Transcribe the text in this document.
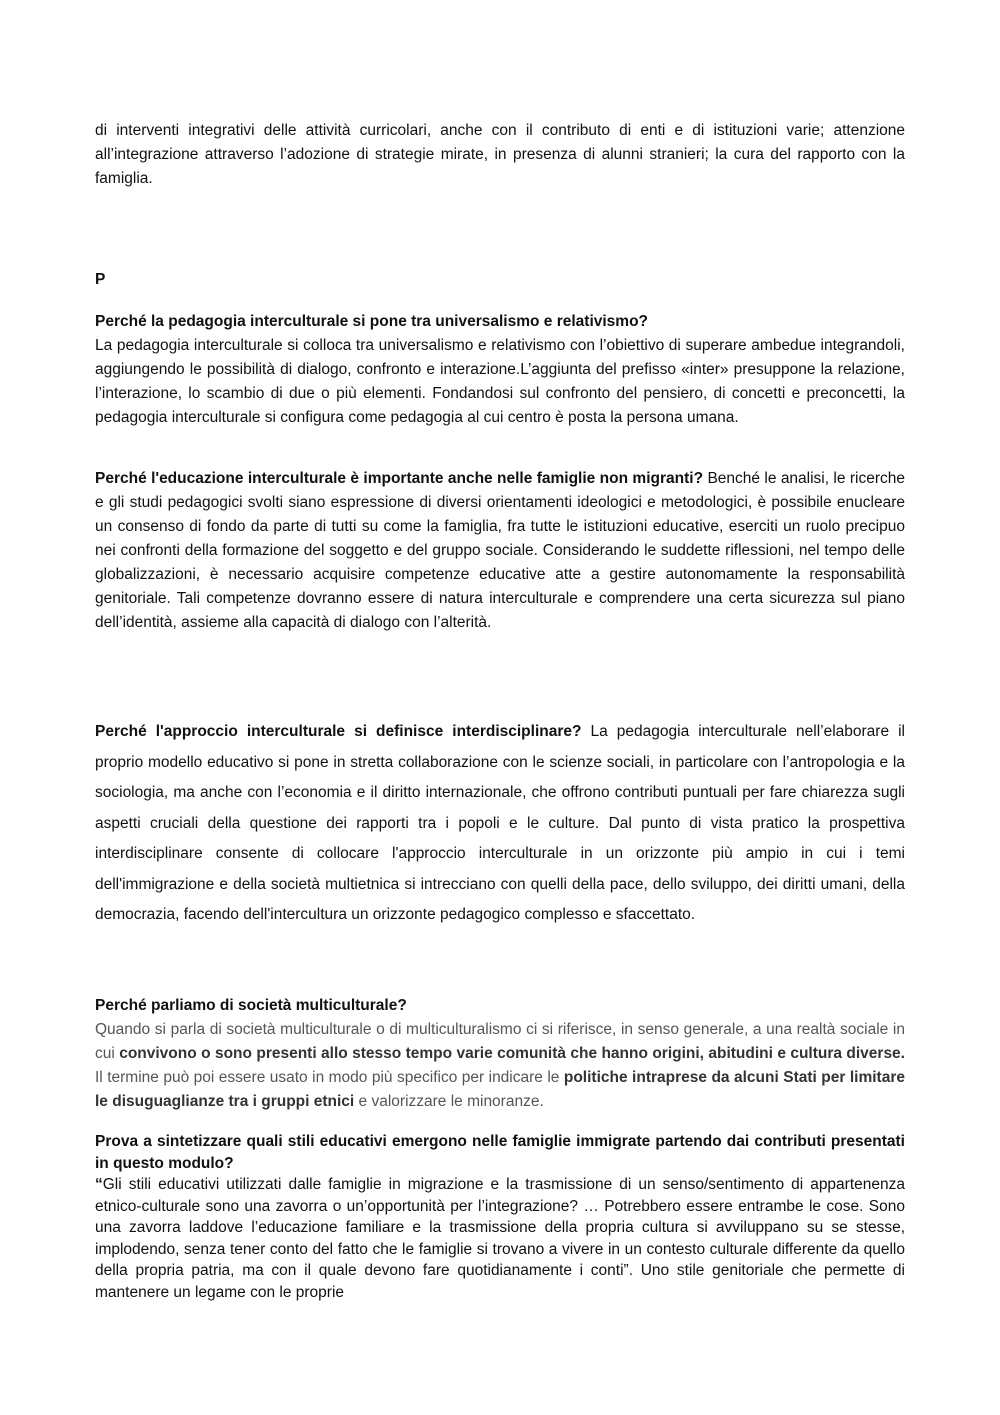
di interventi integrativi delle attività curricolari, anche con il contributo di enti e di istituzioni varie; attenzione all’integrazione attraverso l’adozione di strategie mirate, in presenza di alunni stranieri; la cura del rapporto con la famiglia.

P
Perché la pedagogia interculturale si pone tra universalismo e relativismo?
La pedagogia interculturale si colloca tra universalismo e relativismo con l’obiettivo di superare ambedue integrandoli, aggiungendo le possibilità di dialogo, confronto e interazione.L’aggiunta del prefisso «inter» presuppone la relazione, l’interazione, lo scambio di due o più elementi. Fondandosi sul confronto del pensiero, di concetti e preconcetti, la pedagogia interculturale si configura come pedagogia al cui centro è posta la persona umana.

Perché l'educazione interculturale è importante anche nelle famiglie non migranti? Benché le analisi, le ricerche e gli studi pedagogici svolti siano espressione di diversi orientamenti ideologici e metodologici, è possibile enucleare un consenso di fondo da parte di tutti su come la famiglia, fra tutte le istituzioni educative, eserciti un ruolo precipuo nei confronti della formazione del soggetto e del gruppo sociale. Considerando le suddette riflessioni, nel tempo delle globalizzazioni, è necessario acquisire competenze educative atte a gestire autonomamente la responsabilità genitoriale. Tali competenze dovranno essere di natura interculturale e comprendere una certa sicurezza sul piano dell’identità, assieme alla capacità di dialogo con l’alterità.

Perché l'approccio interculturale si definisce interdisciplinare? La pedagogia interculturale nell’elaborare il proprio modello educativo si pone in stretta collaborazione con le scienze sociali, in particolare con l’antropologia e la sociologia, ma anche con l’economia e il diritto internazionale, che offrono contributi puntuali per fare chiarezza sugli aspetti cruciali della questione dei rapporti tra i popoli e le culture. Dal punto di vista pratico la prospettiva interdisciplinare consente di collocare l'approccio interculturale in un orizzonte più ampio in cui i temi dell'immigrazione e della società multietnica si intrecciano con quelli della pace, dello sviluppo, dei diritti umani, della democrazia, facendo dell'intercultura un orizzonte pedagogico complesso e sfaccettato.

Perché parliamo di società multiculturale?
Quando si parla di società multiculturale o di multiculturalismo ci si riferisce, in senso generale, a una realtà sociale in cui convivono o sono presenti allo stesso tempo varie comunità che hanno origini, abitudini e cultura diverse. Il termine può poi essere usato in modo più specifico per indicare le politiche intraprese da alcuni Stati per limitare le disuguaglianze tra i gruppi etnici e valorizzare le minoranze.
Prova a sintetizzare quali stili educativi emergono nelle famiglie immigrate partendo dai contributi presentati in questo modulo?
“Gli stili educativi utilizzati dalle famiglie in migrazione e la trasmissione di un senso/sentimento di appartenenza etnico-culturale sono una zavorra o un’opportunità per l’integrazione? … Potrebbero essere entrambe le cose. Sono una zavorra laddove l’educazione familiare e la trasmissione della propria cultura si avviluppano su se stesse, implodendo, senza tener conto del fatto che le famiglie si trovano a vivere in un contesto culturale differente da quello della propria patria, ma con il quale devono fare quotidianamente i conti”. Uno stile genitoriale che permette di mantenere un legame con le proprie
